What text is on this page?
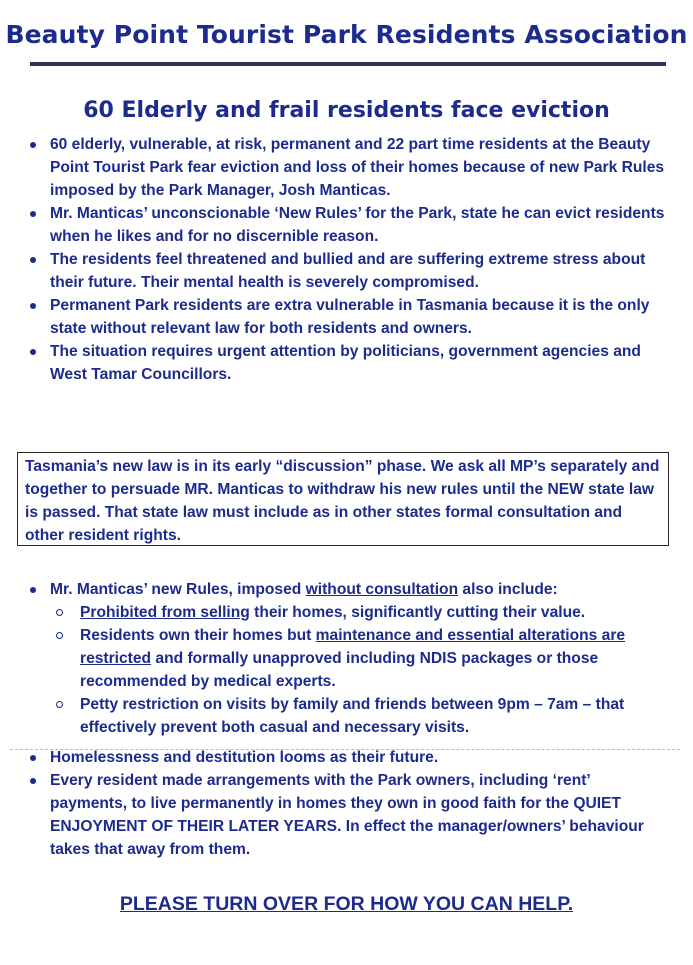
Beauty Point Tourist Park Residents Association
60 Elderly and frail residents face eviction
60 elderly, vulnerable, at risk, permanent and 22 part time residents at the Beauty Point Tourist Park fear eviction and loss of their homes because of new Park Rules imposed by the Park Manager, Josh Manticas.
Mr. Manticas’ unconscionable ‘New Rules’ for the Park, state he can evict residents when he likes and for no discernible reason.
The residents feel threatened and bullied and are suffering extreme stress about their future. Their mental health is severely compromised.
Permanent Park residents are extra vulnerable in Tasmania because it is the only state without relevant law for both residents and owners.
The situation requires urgent attention by politicians, government agencies and West Tamar Councillors.
Tasmania’s new law is in its early “discussion” phase. We ask all MP’s separately and together to persuade MR. Manticas to withdraw his new rules until the NEW state law is passed. That state law must include as in other states formal consultation and other resident rights.
Mr. Manticas’ new Rules, imposed without consultation also include:
Prohibited from selling their homes, significantly cutting their value.
Residents own their homes but maintenance and essential alterations are restricted and formally unapproved including NDIS packages or those recommended by medical experts.
Petty restriction on visits by family and friends between 9pm – 7am – that effectively prevent both casual and necessary visits.
Homelessness and destitution looms as their future.
Every resident made arrangements with the Park owners, including ‘rent’ payments, to live permanently in homes they own in good faith for the QUIET ENJOYMENT OF THEIR LATER YEARS. In effect the manager/owners’ behaviour takes that away from them.
PLEASE TURN OVER FOR HOW YOU CAN HELP.
